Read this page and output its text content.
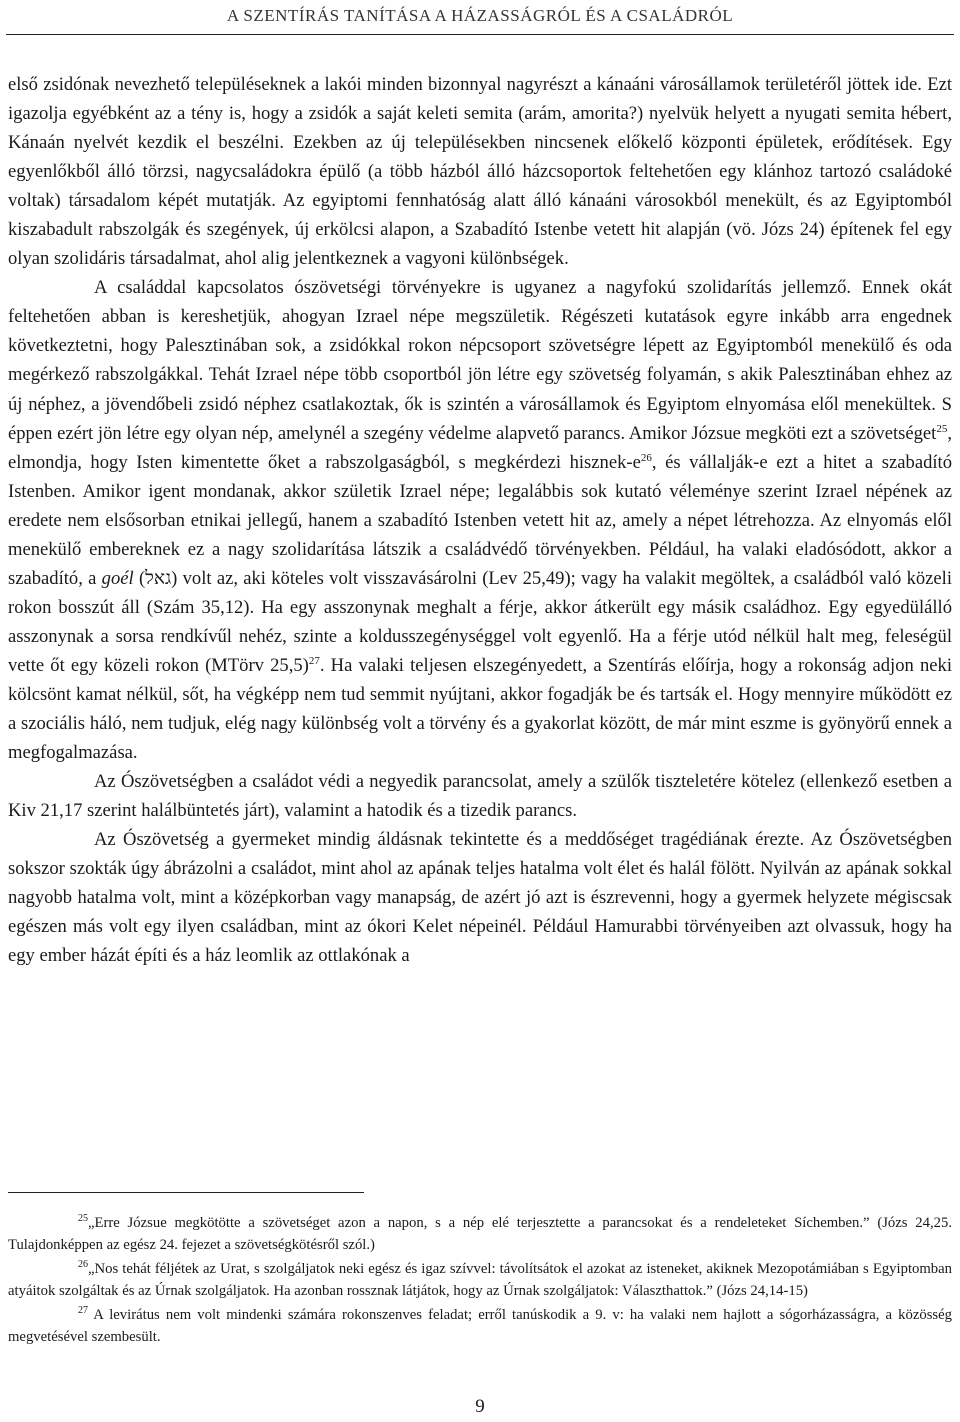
A SZENTÍRÁS TANÍTÁSA A HÁZASSÁGRÓL ÉS A CSALÁDRÓL

első zsidónak nevezhető településeknek a lakói minden bizonnyal nagyrészt a kánaáni városállamok területéről jöttek ide. Ezt igazolja egyébként az a tény is, hogy a zsidók a saját keleti semita (arám, amorita?) nyelvük helyett a nyugati semita hébert, Kánaán nyelvét kezdik el beszélni. Ezekben az új településekben nincsenek előkelő központi épületek, erődítések. Egy egyenlőkből álló törzsi, nagycsaládokra épülő (a több házból álló házcsoportok feltehetően egy klánhoz tartozó családoké voltak) társadalom képét mutatják. Az egyiptomi fennhatóság alatt álló kánaáni városokból menekült, és az Egyiptomból kiszabadult rabszolgák és szegények, új erkölcsi alapon, a Szabadító Istenbe vetett hit alapján (vö. Józs 24) építenek fel egy olyan szolidáris társadalmat, ahol alig jelentkeznek a vagyoni különbségek.

A családdal kapcsolatos ószövetségi törvényekre is ugyanez a nagyfokú szolidarítás jellemző. Ennek okát feltehetően abban is kereshetjük, ahogyan Izrael népe megszületik. Régészeti kutatások egyre inkább arra engednek következtetni, hogy Palesztinában sok, a zsidókkal rokon népcsoport szövetségre lépett az Egyiptomból menekülő és oda megérkező rabszolgákkal. Tehát Izrael népe több csoportból jön létre egy szövetség folyamán, s akik Palesztinában ehhez az új néphez, a jövendőbeli zsidó néphez csatlakoztak, ők is szintén a városállamok és Egyiptom elnyomása elől menekültek. S éppen ezért jön létre egy olyan nép, amelynél a szegény védelme alapvető parancs. Amikor Józsue megköti ezt a szövetséget$^{25}$, elmondja, hogy Isten kimentette őket a rabszolgaságból, s megkérdezi hisznek-$e^{26}$, és vállalják-e ezt a hitet a szabadító Istenben. Amikor igent mondanak, akkor születik Izrael népe; legalábbis sok kutató véleménye szerint Izrael népének az eredete nem elsősorban etnikai jellegű, hanem a szabadító Istenben vetett hit az, amely a népet létrehozza. Az elnyomás elől menekülő embereknek ez a nagy szolidarítása látszik a családvédő törvényekben. Például, ha valaki eladósódott, akkor a szabadító, a goél (גאל) volt az, aki köteles volt visszavásárolni (Lev 25,49); vagy ha valakit megöltek, a családból való közeli rokon bosszút áll (Szám 35,12). Ha egy asszonynak meghalt a férje, akkor átkerült egy másik családhoz. Egy egyedülálló asszonynak a sorsa rendkívűl nehéz, szinte a koldusszegénységgel volt egyenlő. Ha a férje utód nélkül halt meg, feleségül vette őt egy közeli rokon (MTörv 25,5)$^{27}$. Ha valaki teljesen elszegényedett, a Szentírás előírja, hogy a rokonság adjon neki kölcsönt kamat nélkül, sőt, ha végképp nem tud semmit nyújtani, akkor fogadják be és tartsák el. Hogy mennyire működött ez a szociális háló, nem tudjuk, elég nagy különbség volt a törvény és a gyakorlat között, de már mint eszme is gyönyörű ennek a megfogalmazása.

Az Ószövetségben a családot védi a negyedik parancsolat, amely a szülők tiszteletére kötelez (ellenkező esetben a Kiv 21,17 szerint halálbüntetés járt), valamint a hatodik és a tizedik parancs.

Az Ószövetség a gyermeket mindig áldásnak tekintette és a meddőséget tragédiának érezte. Az Ószövetségben sokszor szokták úgy ábrázolni a családot, mint ahol az apának teljes hatalma volt élet és halál fölött. Nyilván az apának sokkal nagyobb hatalma volt, mint a középkorban vagy manapság, de azért jó azt is észrevenni, hogy a gyermek helyzete mégiscsak egészen más volt egy ilyen családban, mint az ókori Kelet népeinél. Például Hamurabbi törvényeiben azt olvassuk, hogy ha egy ember házát építi és a ház leomlik az ottlakónak a

$^{25}$„Erre Józsue megkötötte a szövetséget azon a napon, s a nép elé terjesztette a parancsokat és a rendeleteket Síchemben.” (Józs 24,25. Tulajdonképpen az egész 24. fejezet a szövetségkötésről szól.)

$^{26}$„Nos tehát féljétek az Urat, s szolgáljatok neki egész és igaz szívvel: távolítsátok el azokat az isteneket, akiknek Mezopotámiában s Egyiptomban atyáitok szolgáltak és az Úrnak szolgáljatok. Ha azonban rossznak látjátok, hogy az Úrnak szolgáljatok: Választhattok.” (Józs 24,14-15)

$^{27}$ A levirátus nem volt mindenki számára rokonszenves feladat; erről tanúskodik a 9. v: ha valaki nem hajlott a sógorházasságra, a közösség megvetésével szembesült.

9
